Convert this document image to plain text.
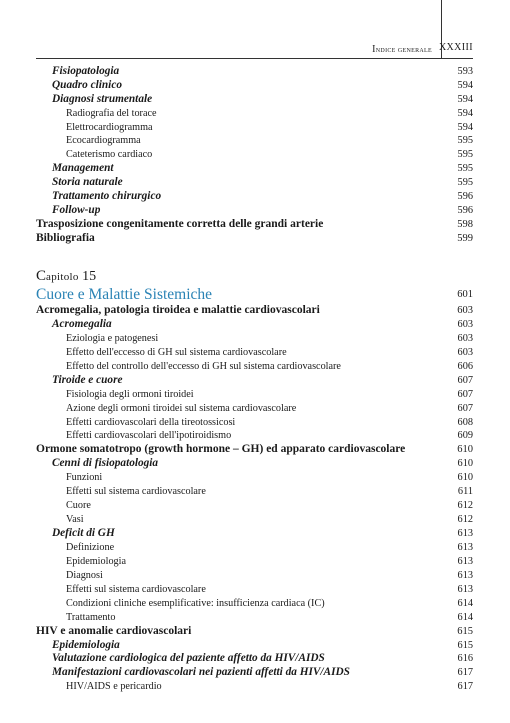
Indice generale XXXIII
Fisiopatologia	593
Quadro clinico	594
Diagnosi strumentale	594
Radiografia del torace	594
Elettrocardiogramma	594
Ecocardiogramma	595
Cateterismo cardiaco	595
Management	595
Storia naturale	595
Trattamento chirurgico	596
Follow-up	596
Trasposizione congenitamente corretta delle grandi arterie	598
Bibliografia	599
Capitolo 15
Cuore e Malattie Sistemiche	601
Acromegalia, patologia tiroidea e malattie cardiovascolari	603
Acromegalia	603
Eziologia e patogenesi	603
Effetto dell'eccesso di GH sul sistema cardiovascolare	603
Effetto del controllo dell'eccesso di GH sul sistema cardiovascolare	606
Tiroide e cuore	607
Fisiologia degli ormoni tiroidei	607
Azione degli ormoni tiroidei sul sistema cardiovascolare	607
Effetti cardiovascolari della tireotossicosi	608
Effetti cardiovascolari dell'ipotiroidismo	609
Ormone somatotropo (growth hormone – GH) ed apparato cardiovascolare	610
Cenni di fisiopatologia	610
Funzioni	610
Effetti sul sistema cardiovascolare	611
Cuore	612
Vasi	612
Deficit di GH	613
Definizione	613
Epidemiologia	613
Diagnosi	613
Effetti sul sistema cardiovascolare	613
Condizioni cliniche esemplificative: insufficienza cardiaca (IC)	614
Trattamento	614
HIV e anomalie cardiovascolari	615
Epidemiologia	615
Valutazione cardiologica del paziente affetto da HIV/AIDS	616
Manifestazioni cardiovascolari nei pazienti affetti da HIV/AIDS	617
HIV/AIDS e pericardio	617
